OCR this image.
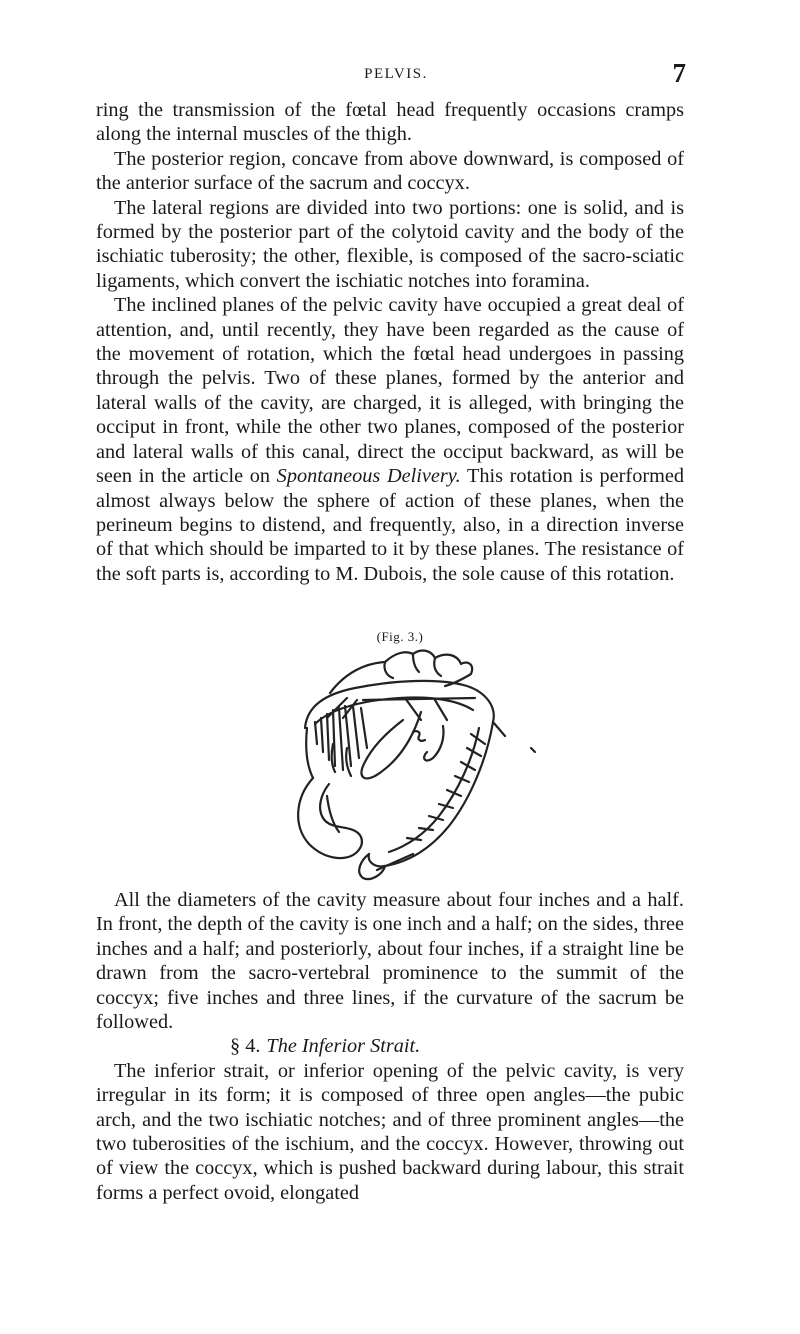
PELVIS.	7

ring the transmission of the fœtal head frequently occasions cramps along the internal muscles of the thigh.

The posterior region, concave from above downward, is composed of the anterior surface of the sacrum and coccyx.

The lateral regions are divided into two portions: one is solid, and is formed by the posterior part of the colytoid cavity and the body of the ischiatic tuberosity; the other, flexible, is composed of the sacro-sciatic ligaments, which convert the ischiatic notches into foramina.

The inclined planes of the pelvic cavity have occupied a great deal of attention, and, until recently, they have been regarded as the cause of the movement of rotation, which the fœtal head undergoes in passing through the pelvis. Two of these planes, formed by the anterior and lateral walls of the cavity, are charged, it is alleged, with bringing the occiput in front, while the other two planes, composed of the posterior and lateral walls of this canal, direct the occiput backward, as will be seen in the article on Spontaneous Delivery. This rotation is performed almost always below the sphere of action of these planes, when the perineum begins to distend, and frequently, also, in a direction inverse of that which should be imparted to it by these planes. The resistance of the soft parts is, according to M. Dubois, the sole cause of this rotation.

(Fig. 3.)

All the diameters of the cavity measure about four inches and a half. In front, the depth of the cavity is one inch and a half; on the sides, three inches and a half; and posteriorly, about four inches, if a straight line be drawn from the sacro-vertebral prominence to the summit of the coccyx; five inches and three lines, if the curvature of the sacrum be followed.

§ 4. The Inferior Strait.

The inferior strait, or inferior opening of the pelvic cavity, is very irregular in its form; it is composed of three open angles—the pubic arch, and the two ischiatic notches; and of three prominent angles—the two tuberosities of the ischium, and the coccyx. However, throwing out of view the coccyx, which is pushed backward during labour, this strait forms a perfect ovoid, elongated
